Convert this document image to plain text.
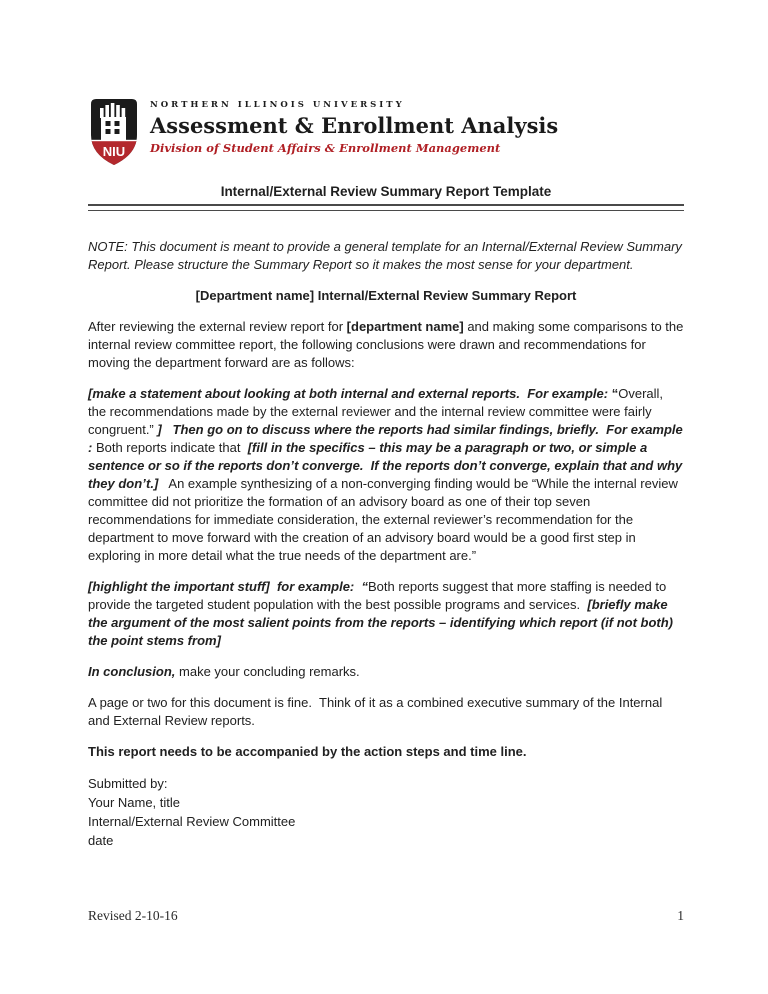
NIU
NORTHERN ILLINOIS UNIVERSITY
Assessment & Enrollment Analysis
Division of Student Affairs & Enrollment Management
Internal/External Review Summary Report Template

NOTE: This document is meant to provide a general template for an Internal/External Review Summary Report. Please structure the Summary Report so it makes the most sense for your department.

[Department name] Internal/External Review Summary Report

After reviewing the external review report for [department name] and making some comparisons to the internal review committee report, the following conclusions were drawn and recommendations for moving the department forward are as follows:

[make a statement about looking at both internal and external reports.  For example: “Overall, the recommendations made by the external reviewer and the internal review committee were fairly congruent.” ]   Then go on to discuss where the reports had similar findings, briefly.  For example : Both reports indicate that  [fill in the specifics – this may be a paragraph or two, or simple a sentence or so if the reports don’t converge.  If the reports don’t converge, explain that and why they don’t.]   An example synthesizing of a non-converging finding would be “While the internal review committee did not prioritize the formation of an advisory board as one of their top seven recommendations for immediate consideration, the external reviewer’s recommendation for the department to move forward with the creation of an advisory board would be a good first step in exploring in more detail what the true needs of the department are.”

[highlight the important stuff]  for example:  “Both reports suggest that more staffing is needed to provide the targeted student population with the best possible programs and services.  [briefly make the argument of the most salient points from the reports – identifying which report (if not both) the point stems from]

In conclusion, make your concluding remarks.

A page or two for this document is fine.  Think of it as a combined executive summary of the Internal and External Review reports.

This report needs to be accompanied by the action steps and time line.

Submitted by:
Your Name, title
Internal/External Review Committee
date
Revised 2-10-16	1
